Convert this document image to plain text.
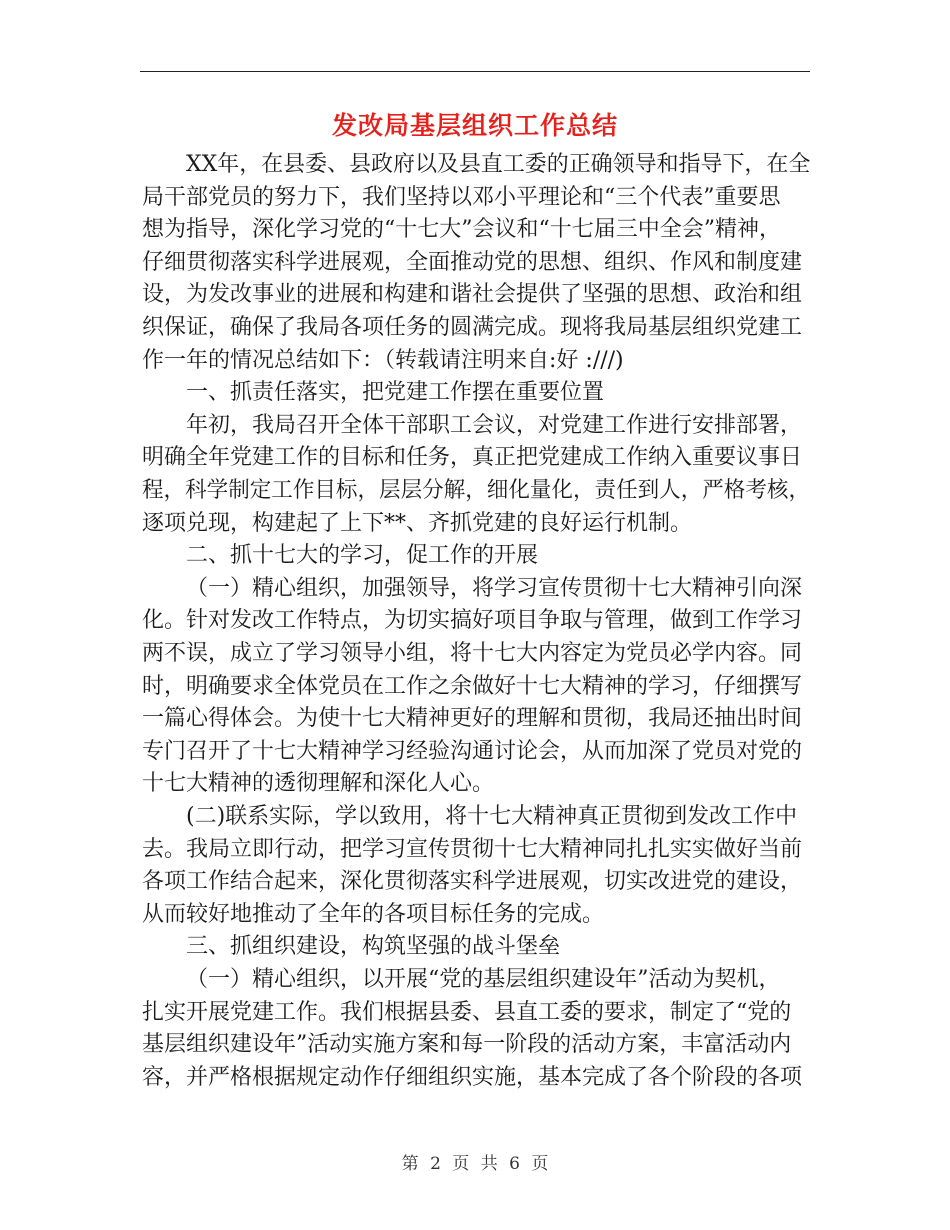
发改局基层组织工作总结
XX年，在县委、县政府以及县直工委的正确领导和指导下，在全
局干部党员的努力下，我们坚持以邓小平理论和“三个代表”重要思
想为指导，深化学习党的“十七大”会议和“十七届三中全会”精神，
仔细贯彻落实科学进展观，全面推动党的思想、组织、作风和制度建
设，为发改事业的进展和构建和谐社会提供了坚强的思想、政治和组
织保证，确保了我局各项任务的圆满完成。现将我局基层组织党建工
作一年的情况总结如下：（转载请注明来自:好 :///)
一、抓责任落实，把党建工作摆在重要位置
年初，我局召开全体干部职工会议，对党建工作进行安排部署，
明确全年党建工作的目标和任务，真正把党建成工作纳入重要议事日
程，科学制定工作目标，层层分解，细化量化，责任到人，严格考核，
逐项兑现，构建起了上下**、齐抓党建的良好运行机制。
二、抓十七大的学习，促工作的开展
（一）精心组织，加强领导，将学习宣传贯彻十七大精神引向深
化。针对发改工作特点，为切实搞好项目争取与管理，做到工作学习
两不误，成立了学习领导小组，将十七大内容定为党员必学内容。同
时，明确要求全体党员在工作之余做好十七大精神的学习，仔细撰写
一篇心得体会。为使十七大精神更好的理解和贯彻，我局还抽出时间
专门召开了十七大精神学习经验沟通讨论会，从而加深了党员对党的
十七大精神的透彻理解和深化人心。
(二)联系实际，学以致用，将十七大精神真正贯彻到发改工作中
去。我局立即行动，把学习宣传贯彻十七大精神同扎扎实实做好当前
各项工作结合起来，深化贯彻落实科学进展观，切实改进党的建设，
从而较好地推动了全年的各项目标任务的完成。
三、抓组织建设，构筑坚强的战斗堡垒
（一）精心组织，以开展“党的基层组织建设年”活动为契机，
扎实开展党建工作。我们根据县委、县直工委的要求，制定了“党的
基层组织建设年”活动实施方案和每一阶段的活动方案，丰富活动内
容，并严格根据规定动作仔细组织实施，基本完成了各个阶段的各项
第 2 页 共 6 页
